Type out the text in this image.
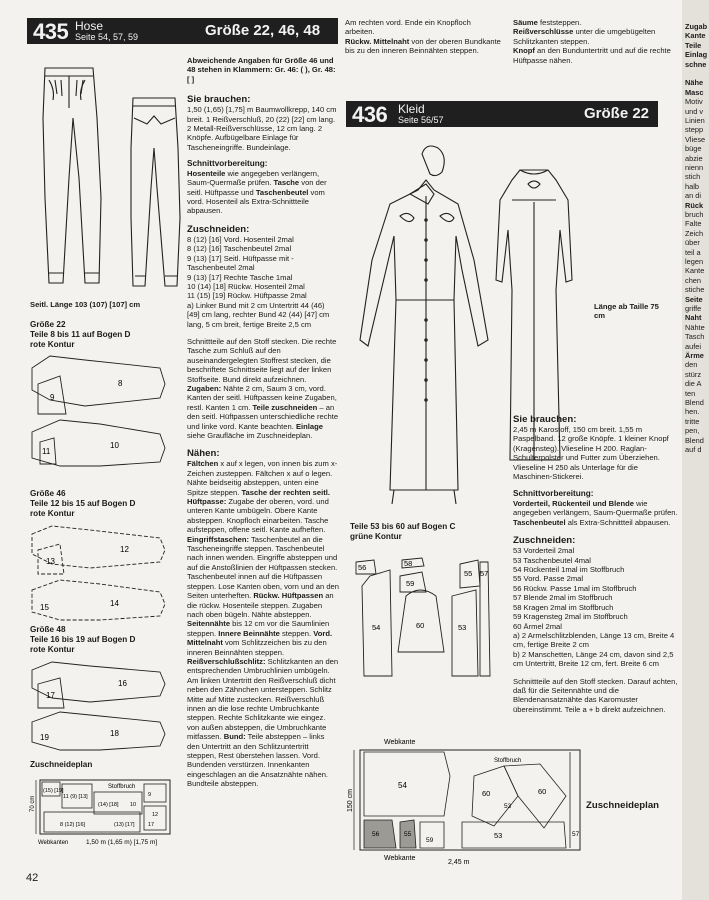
435 Hose
Seite 54, 57, 59	Größe 22, 46, 48
Seitl. Länge 103 (107) [107] cm
Größe 22
Teile 8 bis 11 auf Bogen D
rote Kontur
8
9
10
11
Größe 46
Teile 12 bis 15 auf Bogen D
rote Kontur
12
13
14
15
Größe 48
Teile 16 bis 19 auf Bogen D
rote Kontur
16
17
18
19
Zuschneideplan
Stoffbruch
70 cm
(15) [19]
11 (9) [13]
(14) [18] 10
9
12
17
8 (12) [16]	(13) [17]
Webkanten	1,50 m (1,65 m) [1,75 m]
42
Abweichende Angaben für Größe 46 und 48 stehen in Klammern: Gr. 46: ( ), Gr. 48: [ ]
Sie brauchen:
1,50 (1,65) [1,75] m Baumwollkrepp, 140 cm breit. 1 Reißverschluß, 20 (22) [22] cm lang. 2 Metall-Reißverschlüsse, 12 cm lang. 2 Knöpfe. Aufbügelbare Einlage für Tascheneingriffe. Bundeinlage.
Schnittvorbereitung:
Hosenteile wie angegeben verlängern, Saum-Quermaße prüfen. Tasche von der seitl. Hüftpasse und Taschenbeutel vom vord. Hosenteil als Extra-Schnittteile abpausen.
Zuschneiden:
8 (12) [16] Vord. Hosenteil 2mal
8 (12) [16] Taschenbeutel 2mal
9 (13) [17] Seitl. Hüftpasse mit -Taschenbeutel 2mal
9 (13) [17] Rechte Tasche 1mal
10 (14) [18] Rückw. Hosenteil 2mal
11 (15) [19] Rückw. Hüftpasse 2mal
a) Linker Bund mit 2 cm Untertritt 44 (46) [49] cm lang, rechter Bund 42 (44) [47] cm lang, 5 cm breit, fertige Breite 2,5 cm
Schnittteile auf den Stoff stecken. Die rechte Tasche zum Schluß auf den auseinandergelegten Stoffrest stecken, die beschriftete Schnittseite liegt auf der linken Stoffseite. Bund direkt aufzeichnen.
Zugaben: Nähte 2 cm, Saum 3 cm, vord. Kanten der seitl. Hüftpassen keine Zugaben, restl. Kanten 1 cm. Teile zuschneiden – an den seitl. Hüftpassen unterschiedliche rechte und linke vord. Kante beachten. Einlage siehe Graufläche im Zuschneideplan.
Nähen:
Fältchen x auf x legen, von innen bis zum x-Zeichen zusteppen. Fältchen x auf o legen. Nähte beidseitig absteppen, unten eine Spitze steppen. Tasche der rechten seitl. Hüftpasse: Zugabe der oberen, vord. und unteren Kante umbügeln. Obere Kante absteppen. Knopfloch einarbeiten. Tasche aufsteppen, offene seitl. Kante aufheften. Eingriffstaschen: Taschenbeutel an die Tascheneingriffe steppen. Taschenbeutel nach innen wenden. Eingriffe absteppen und auf die Anstoßlinien der Hüftpassen stecken. Taschenbeutel innen auf die Hüftpassen steppen. Lose Kanten oben, vorn und an den Seiten unterheften. Rückw. Hüftpassen an die rückw. Hosenteile steppen. Zugaben nach oben bügeln. Nähte absteppen. Seitennähte bis 12 cm vor die Saumlinien steppen. Innere Beinnähte steppen. Vord. Mittelnaht vom Schlitzzeichen bis zu den inneren Beinnähten steppen. Reißverschlußschlitz: Schlitzkanten an den entsprechenden Umbruchlinien umbügeln. Am linken Untertritt den Reißverschluß dicht neben den Zähnchen untersteppen. Schlitz Mitte auf Mitte zustecken. Reißverschluß innen an die lose rechte Umbruchkante steppen. Rechte Schlitzkante wie eingez. von außen absteppen, die Umbruchkante mitfassen. Bund: Teile absteppen – links den Untertritt an den Schlitzuntertritt steppen, Rest überstehen lassen. Vord. Bundenden verstürzen. Innenkanten eingeschlagen an die Ansatznähte nähen. Bundteile absteppen.
Am rechten vord. Ende ein Knopfloch arbeiten.
Rückw. Mittelnaht von der oberen Bundkante bis zu den inneren Beinnähten steppen.
Säume feststeppen.
Reißverschlüsse unter die umgebügelten Schlitzkanten steppen.
Knopf an den Bunduntertritt und auf die rechte Hüftpasse nähen.
436 Kleid
Seite 56/57	Größe 22
Länge ab Taille 75 cm
Teile 53 bis 60 auf Bogen C
grüne Kontur
54
56	58
59
60
55
53
57
Webkante
150 cm
54
56	55
59
60	60
53
53	57
Stoffbruch
Webkante
2,45 m
Zuschneideplan
Sie brauchen:
2,45 m Karostoff, 150 cm breit. 1,55 m Paspelband. 12 große Knöpfe. 1 kleiner Knopf (Kragensteg). Vlieseline H 200. Raglan-Schulterpolster und Futter zum Überziehen. Vlieseline H 250 als Unterlage für die Maschinen-Stickerei.
Schnittvorbereitung:
Vorderteil, Rückenteil und Blende wie angegeben verlängern, Saum-Quermaße prüfen. Taschenbeutel als Extra-Schnittteil abpausen.
Zuschneiden:
53 Vorderteil 2mal
53 Taschenbeutel 4mal
54 Rückenteil 1mal im Stoffbruch
55 Vord. Passe 2mal
56 Rückw. Passe 1mal im Stoffbruch
57 Blende 2mal im Stoffbruch
58 Kragen 2mal im Stoffbruch
59 Kragensteg 2mal im Stoffbruch
60 Ärmel 2mal
a) 2 Armelschlitzblenden, Länge 13 cm, Breite 4 cm, fertige Breite 2 cm
b) 2 Manschetten, Länge 24 cm, davon sind 2,5 cm Untertritt, Breite 12 cm, fert. Breite 6 cm
Schnittteile auf den Stoff stecken. Darauf achten, daß für die Seitennähte und die Blendenansatznähte das Karomuster übereinstimmt. Teile a + b direkt aufzeichnen.
Zugab
Kante
Teile
Einlag
schne
Nähe
Masc
Motiv
und v
Linien
stepp
Vliese
büge
abzie
nienn
stich
halb
an di
Rück
bruch
Falte
Zeich
über
teil a
legen
Kante
chen
stiche
Seite
griffe
Naht
Nähte
Tasch
aufei
Ärme
den
stürz
die A
ten
Blend
hen.
tritte
pen,
Blend
auf d
